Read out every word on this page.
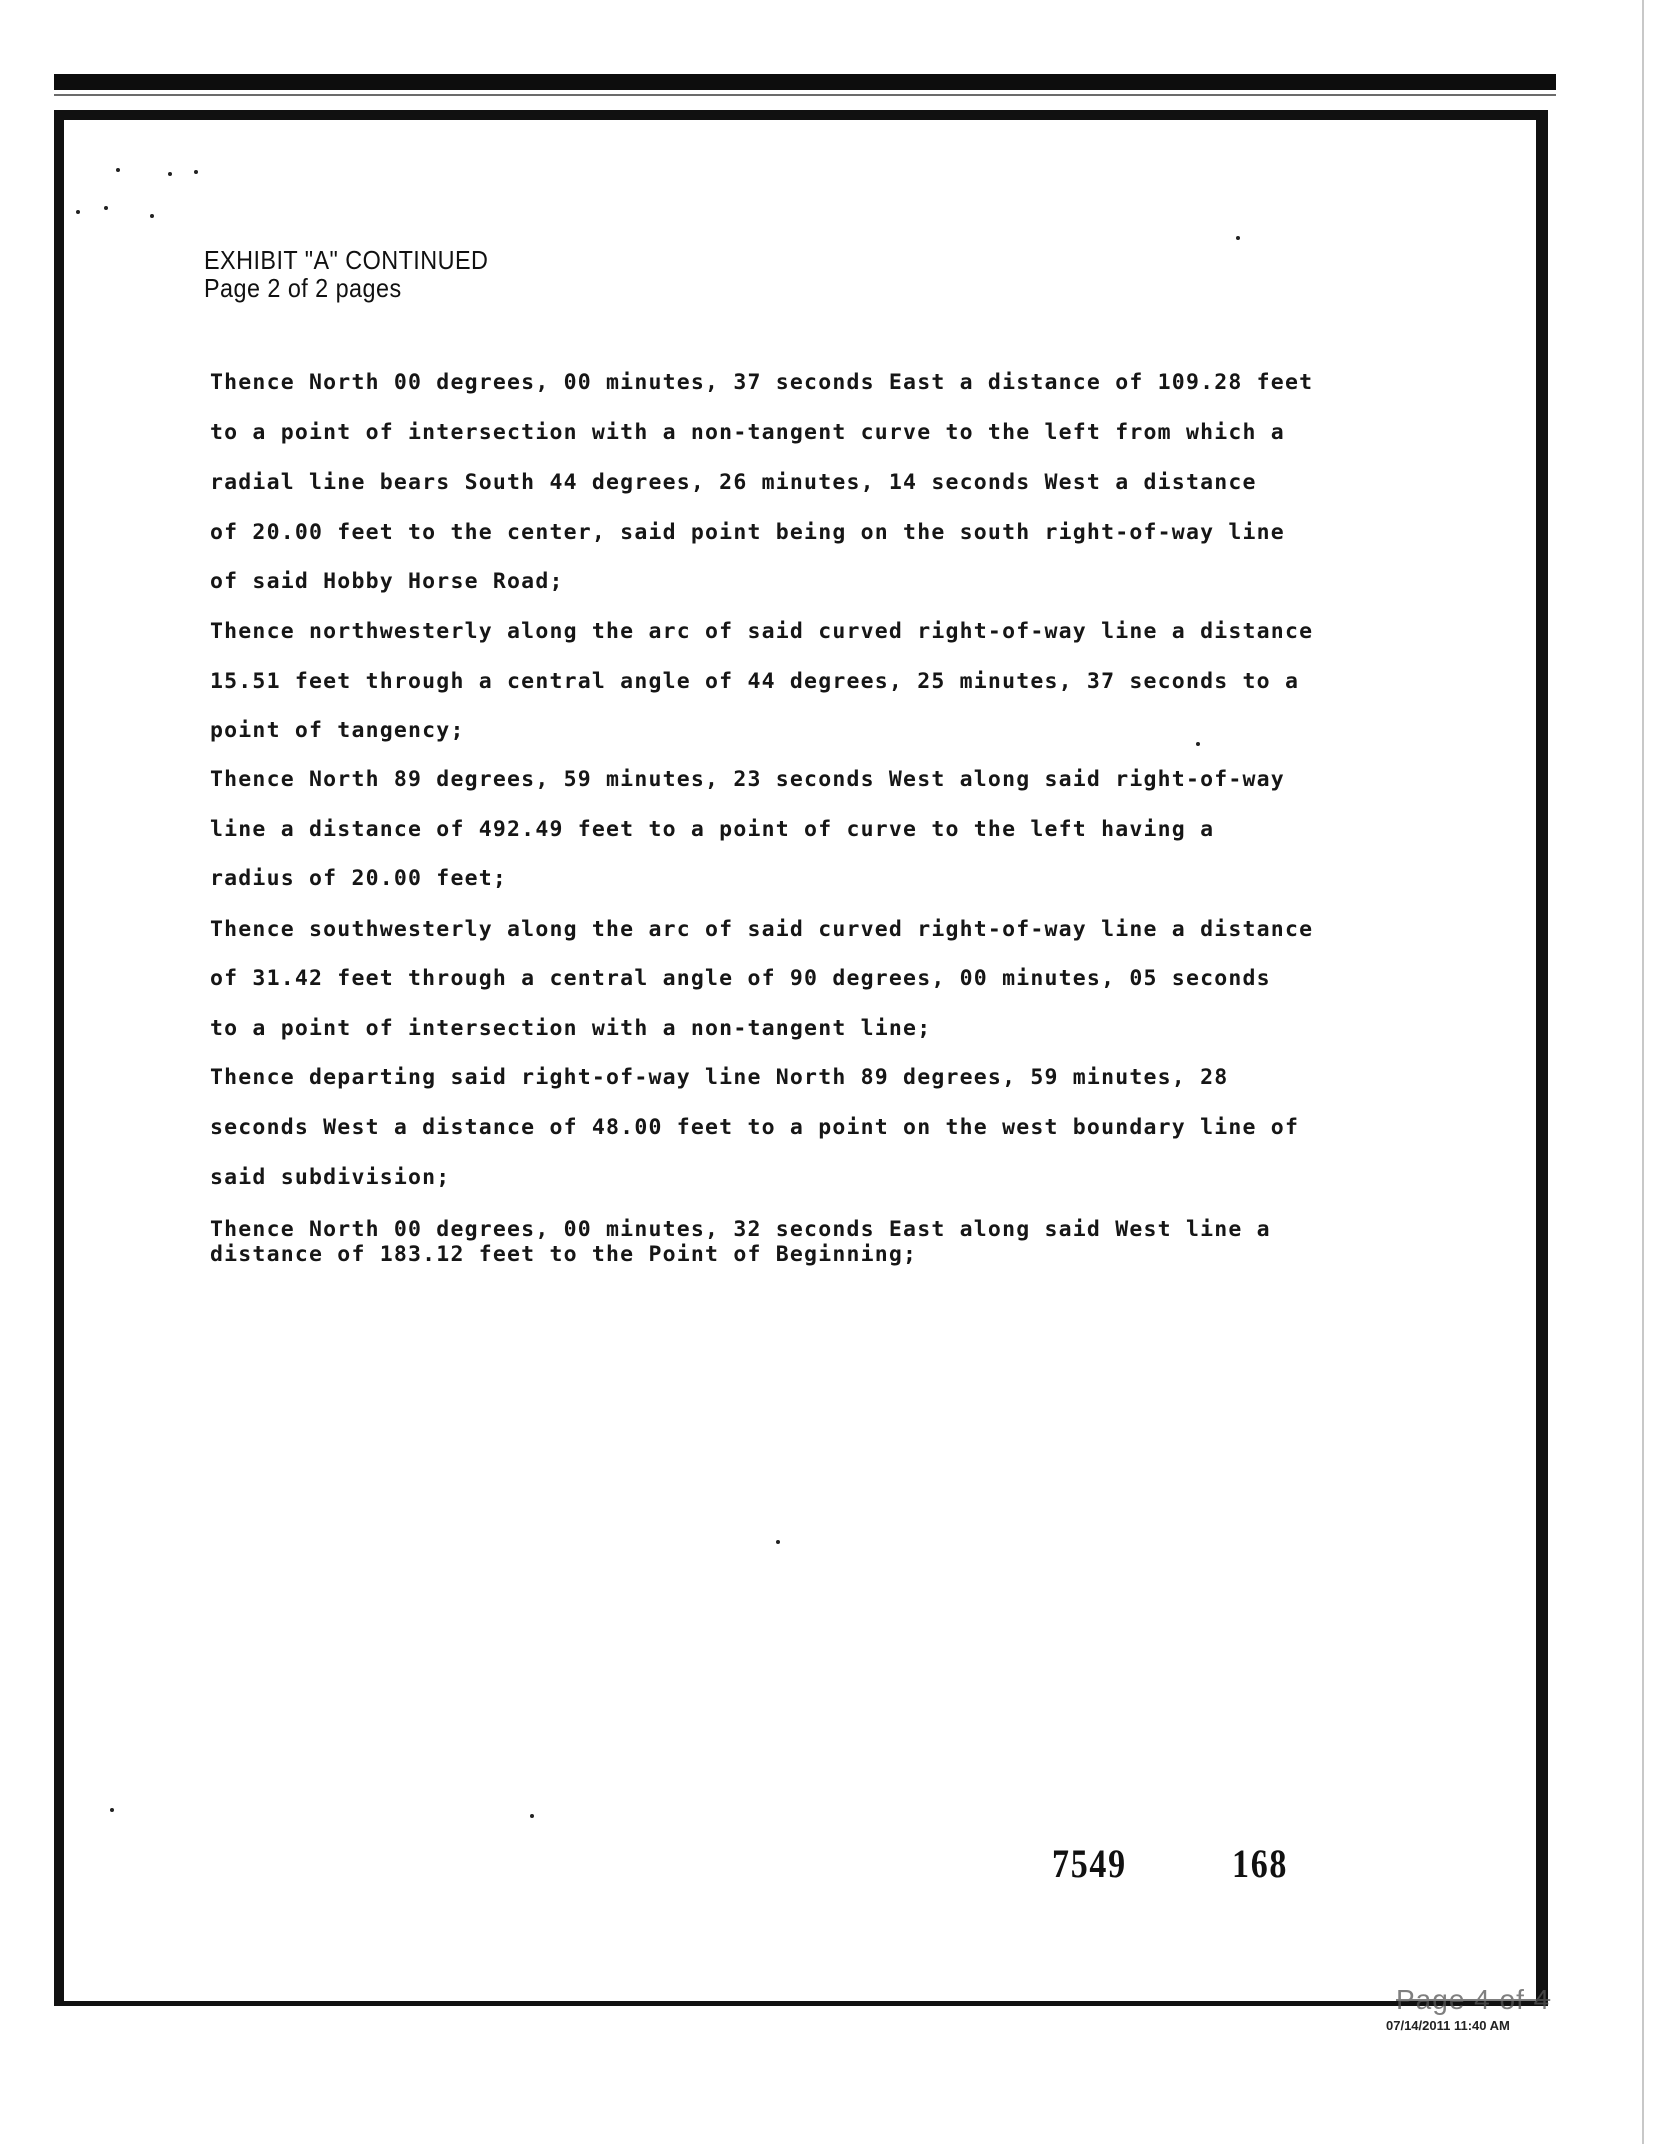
EXHIBIT "A" CONTINUED
Page 2 of 2 pages
Thence North 00 degrees, 00 minutes, 37 seconds East a distance of 109.28 feet
to a point of intersection with a non-tangent curve to the left from which a
radial line bears South 44 degrees, 26 minutes, 14 seconds West a distance
of 20.00 feet to the center, said point being on the south right-of-way line
of said Hobby Horse Road;
Thence northwesterly along the arc of said curved right-of-way line a distance
15.51 feet through a central angle of 44 degrees, 25 minutes, 37 seconds to a
point of tangency;
Thence North 89 degrees, 59 minutes, 23 seconds West along said right-of-way
line a distance of 492.49 feet to a point of curve to the left having a
radius of 20.00 feet;
Thence southwesterly along the arc of said curved right-of-way line a distance
of 31.42 feet through a central angle of 90 degrees, 00 minutes, 05 seconds
to a point of intersection with a non-tangent line;
Thence departing said right-of-way line North 89 degrees, 59 minutes, 28
seconds West a distance of 48.00 feet to a point on the west boundary line of
said subdivision;
Thence North 00 degrees, 00 minutes, 32 seconds East along said West line a
distance of 183.12 feet to the Point of Beginning;
7549	168
Page 4 of 4
07/14/2011 11:40 AM
